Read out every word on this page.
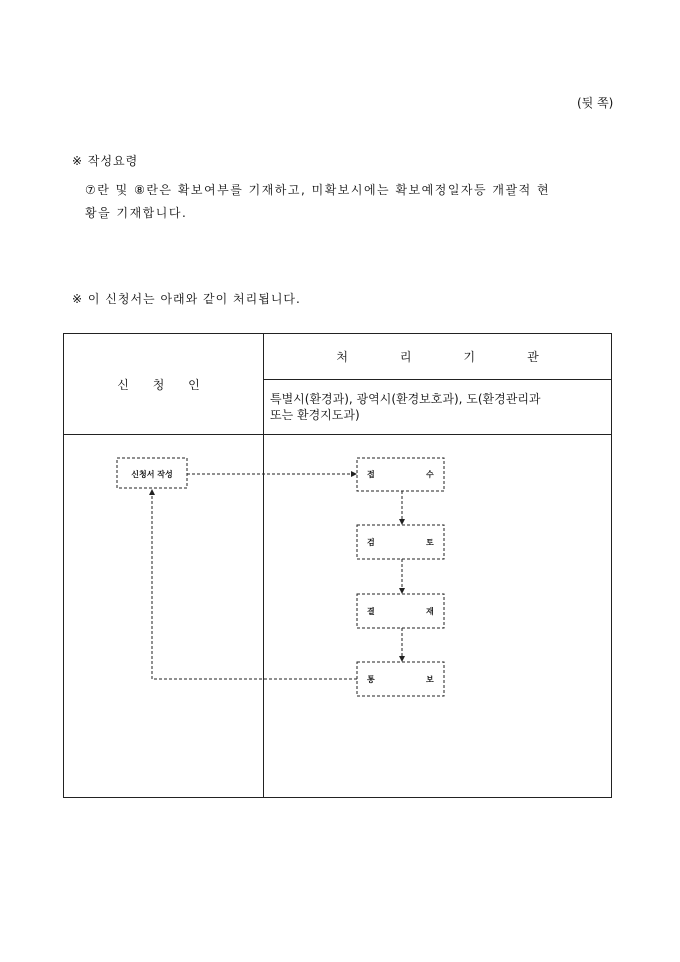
(뒷 쪽)
※ 작성요령
⑦란 및 ⑧란은 확보여부를 기재하고, 미확보시에는 확보예정일자등 개괄적 현
황을 기재합니다.
※ 이 신청서는 아래와 같이 처리됩니다.
신 청 인	처 리 기 관

	특별시(환경과), 광역시(환경보호과), 도(환경관리과
또는 환경지도과)

신청서 작성	접	수
검	토
결	재
통	보
